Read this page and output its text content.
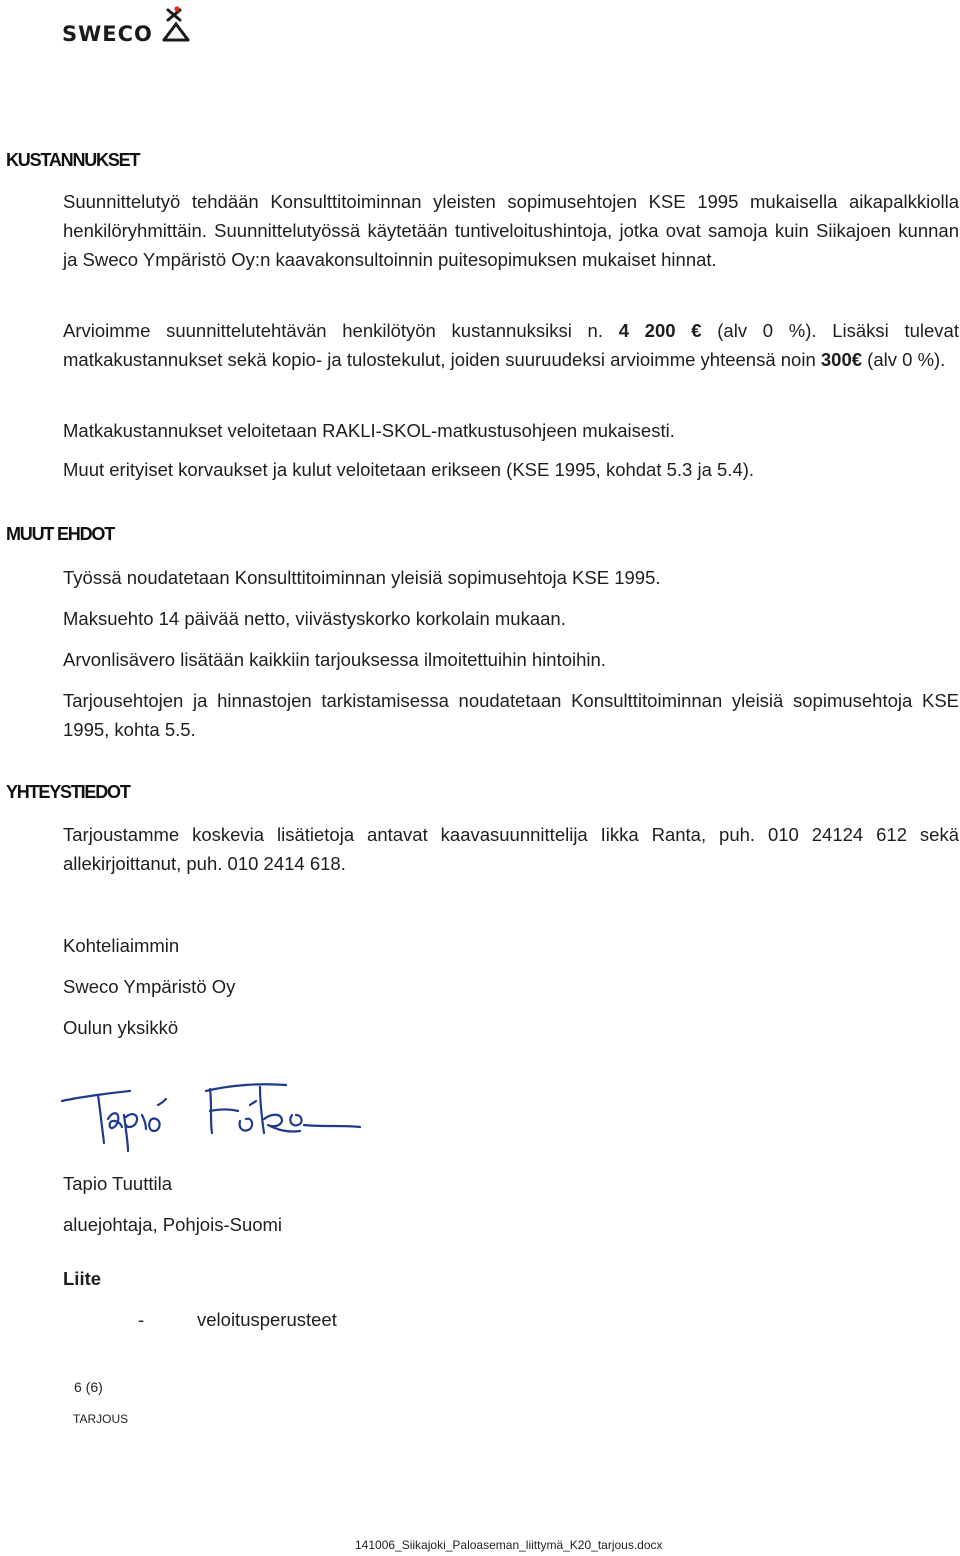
SWECO
KUSTANNUKSET
Suunnittelutyö tehdään Konsulttitoiminnan yleisten sopimusehtojen KSE 1995 mukaisella aikapalkkiolla henkilöryhmittäin. Suunnittelutyössä käytetään tuntiveloitushintoja, jotka ovat samoja kuin Siikajoen kunnan ja Sweco Ympäristö Oy:n kaavakonsultoinnin puitesopimuksen mukaiset hinnat.
Arvioimme suunnittelutehtävän henkilötyön kustannuksiksi n. 4 200 € (alv 0 %). Lisäksi tulevat matkakustannukset sekä kopio- ja tulostekulut, joiden suuruudeksi arvioimme yhteensä noin 300€ (alv 0 %).
Matkakustannukset veloitetaan RAKLI-SKOL-matkustusohjeen mukaisesti.
Muut erityiset korvaukset ja kulut veloitetaan erikseen (KSE 1995, kohdat 5.3 ja 5.4).
MUUT EHDOT
Työssä noudatetaan Konsulttitoiminnan yleisiä sopimusehtoja KSE 1995.
Maksuehto 14 päivää netto, viivästyskorko korkolain mukaan.
Arvonlisävero lisätään kaikkiin tarjouksessa ilmoitettuihin hintoihin.
Tarjousehtojen ja hinnastojen tarkistamisessa noudatetaan Konsulttitoiminnan yleisiä sopimusehtoja KSE 1995, kohta 5.5.
YHTEYSTIEDOT
Tarjoustamme koskevia lisätietoja antavat kaavasuunnittelija Iikka Ranta, puh. 010 24124 612 sekä allekirjoittanut, puh. 010 2414 618.
Kohteliaimmin
Sweco Ympäristö Oy
Oulun yksikkö
Tapio Tuuttila
aluejohtaja, Pohjois-Suomi
Liite
-	veloitusperusteet
6 (6)
TARJOUS
141006_Siikajoki_Paloaseman_liittymä_K20_tarjous.docx
